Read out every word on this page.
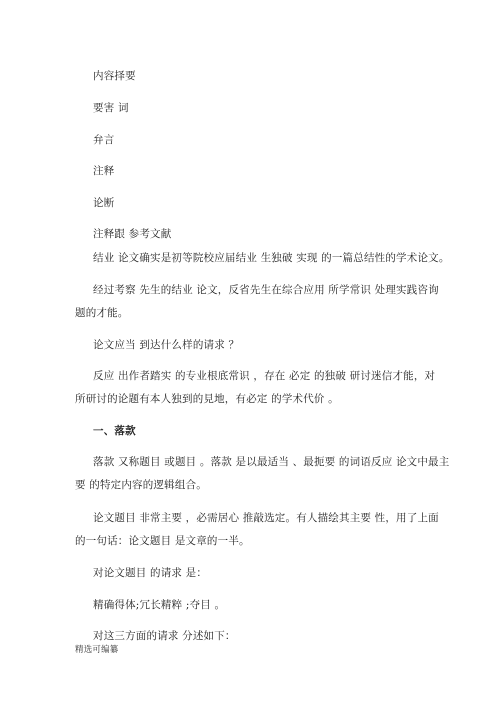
内容择要
要害 词
弁言
注释
论断
注释跟 参考文献
结业 论文确实是初等院校应届结业 生独破 实现 的一篇总结性的学术论文。
经过考察 先生的结业 论文，反省先生在综合应用 所学常识 处理实践咨询
题的才能。
论文应当 到达什么样的请求 ？
反应 出作者踏实 的专业根底常识 ，存在 必定 的独破 研讨迷信才能，对
所研讨的论题有本人独到的見地，有必定 的学术代价 。
一、落款
落款 又称题目 或题目 。落款 是以最适当 、最扼要 的词语反应 论文中最主
要 的特定内容的逻辑组合。
论文题目 非常主要 ，必需居心 推敲选定。有人描绘其主要 性，用了上面
的一句话：论文题目 是文章的一半。
对论文题目 的请求 是：
精确得体;冗长精粹 ;夺目 。
对这三方面的请求 分述如下：
精选可编纂
